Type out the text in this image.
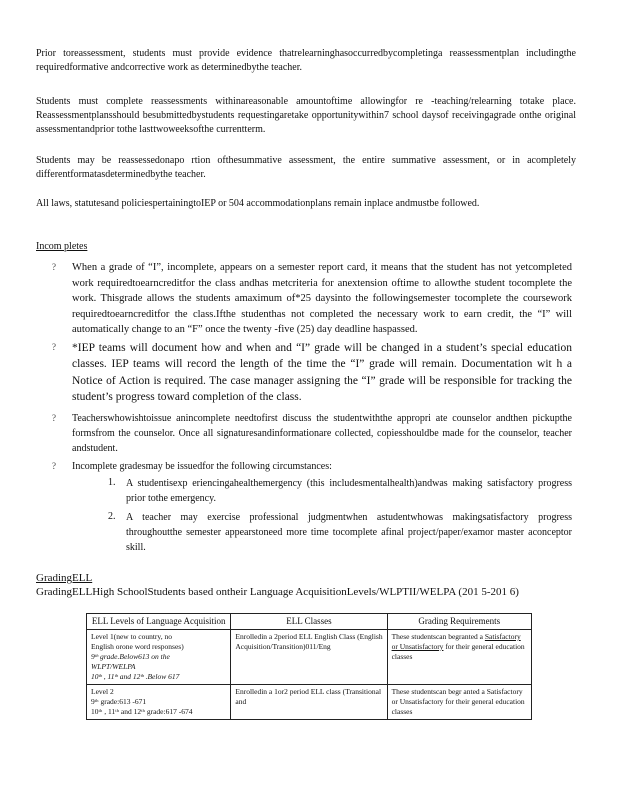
Prior toreassessment, students must provide evidence thatrelearninghasoccurredbycompletinga reassessmentplan includingthe requiredformative andcorrective work as determinedbythe teacher.

Students must complete reassessments withinareasonable amountoftime allowingfor re -teaching/relearning totake place. Reassessmentplansshould besubmittedbystudents requestingaretake opportunitywithin7 school daysof receivingagrade onthe original assessmentandprior tothe lasttwoweeksofthe currentterm.

Students may be reassessedonapo rtion ofthesummative assessment, the entire summative assessment, or in acompletely differentformatasdeterminedbythe teacher.

All laws, statutesand policiespertainingtoIEP or 504 accommodationplans remain inplace andmustbe followed.

Incom pletes
? When a grade of “I”, incomplete, appears on a semester report card, it means that the student has not yetcompleted work requiredtoearncreditfor the class andhas metcriteria for anextension oftime to allowthe student tocomplete the work. Thisgrade allows the students amaximum of*25 daysinto the followingsemester tocomplete the coursework requiredtoearncreditfor the class.Ifthe studenthas not completed the necessary work to earn credit, the “I” will automatically change to an “F” once the twenty -five (25) day deadline haspassed.
? *IEP teams will document how and when and “I” grade will be changed in a student’s special education classes. IEP teams will record the length of the time the “I” grade will remain. Documentation wit h a Notice of Action is required. The case manager assigning the “I” grade will be responsible for tracking the student’s progress toward completion of the class.
? Teacherswhowishtoissue anincomplete needtofirst discuss the studentwiththe appropri ate counselor andthen pickupthe formsfrom the counselor. Once all signaturesandinformationare collected, copiesshouldbe made for the counselor, teacher andstudent.
? Incomplete gradesmay be issuedfor the following circumstances:
1. A studentisexp eriencingahealthemergency (this includesmentalhealth)andwas making satisfactory progress prior tothe emergency.
2. A teacher may exercise professional judgmentwhen astudentwhowas makingsatisfactory progress throughoutthe semester appearstoneed more time tocomplete afinal project/paper/examor master aconceptor skill.
GradingELL
GradingELLHigh SchoolStudents based ontheir Language AcquisitionLevels/WLPTII/WELPA (201 5-201 6)
ELL Levels of Language Acquisition	ELL Classes	Grading Requirements

Level 1(new to country, no
English orone word responses)
9ᵗʰ grade.Below613 on the
WLPT/WELPA
10ᵗʰ , 11ᵗʰ and 12ᵗʰ .Below 617	Enrolledin a 2period ELL English Class (English Acquisition/Transition)011/Eng	These studentscan begranted a Satisfactory or Unsatisfactory for their general education classes

Level 2
9ᵗʰ grade:613 -671
10ᵗʰ , 11ᵗʰ and 12ᵗʰ grade:617 -674	Enrolledin a 1or2 period ELL class (Transitional and	These studentscan begr anted a Satisfactory or Unsatisfactory for their general education classes
